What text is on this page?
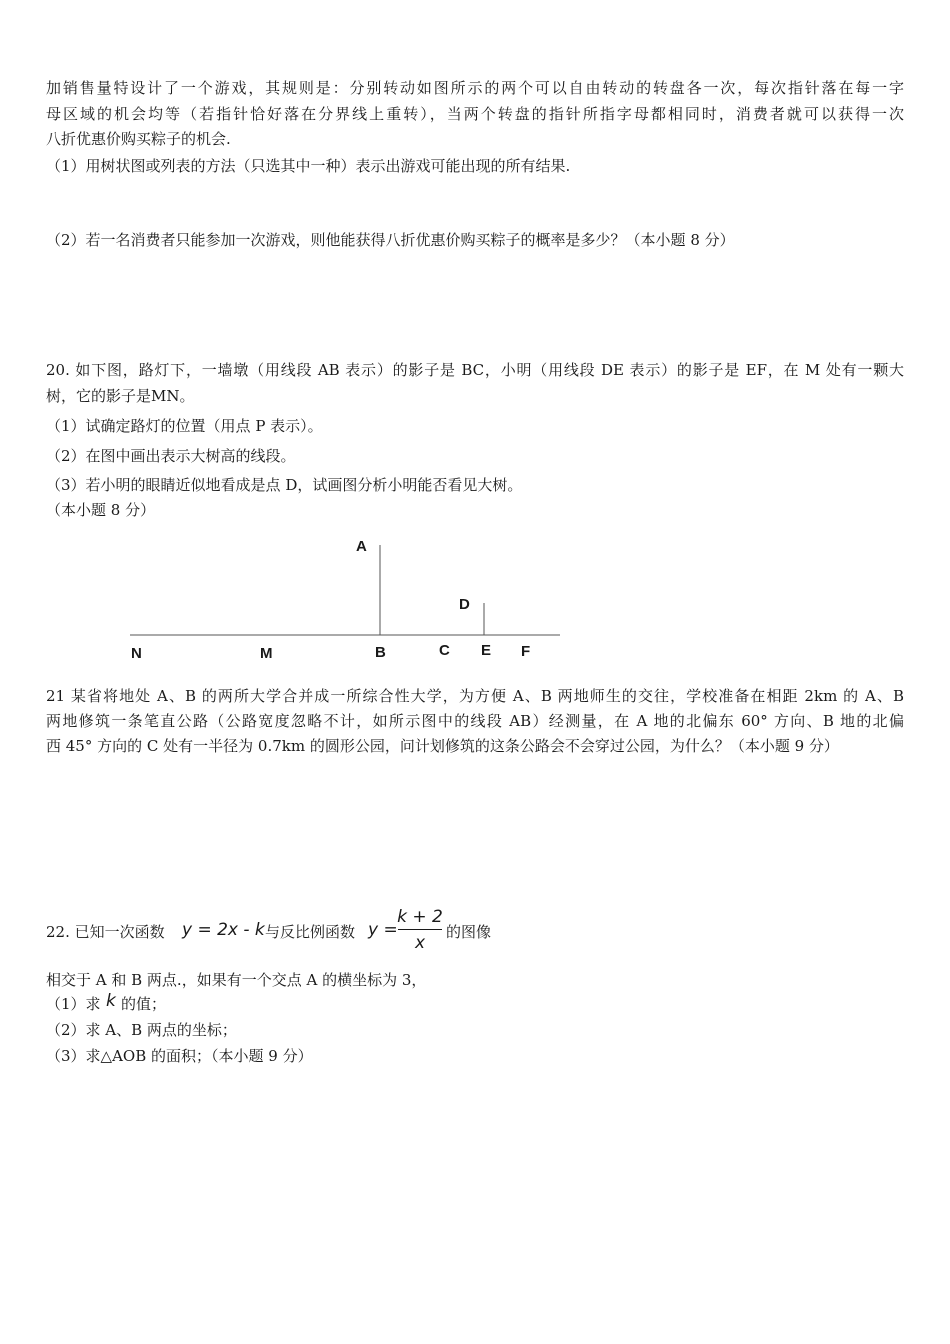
加销售量特设计了一个游戏，其规则是：分别转动如图所示的两个可以自由转动的转盘各一次，每次指针落在每一字
母区域的机会均等（若指针恰好落在分界线上重转），当两个转盘的指针所指字母都相同时，消费者就可以获得一次
八折优惠价购买粽子的机会.
（1）用树状图或列表的方法（只选其中一种）表示出游戏可能出现的所有结果.
（2）若一名消费者只能参加一次游戏，则他能获得八折优惠价购买粽子的概率是多少？（本小题 8 分）
20. 如下图，路灯下，一墙墩（用线段 AB 表示）的影子是 BC，小明（用线段 DE 表示）的影子是 EF，在 M 处有一颗大
树，它的影子是MN。
（1）试确定路灯的位置（用点 P 表示）。
（2）在图中画出表示大树高的线段。
（3）若小明的眼睛近似地看成是点 D，试画图分析小明能否看见大树。
（本小题 8 分）
A
D
N	M	B	C E F
21 某省将地处 A、B 的两所大学合并成一所综合性大学，为方便 A、B 两地师生的交往，学校准备在相距 2km 的 A、B
两地修筑一条笔直公路（公路宽度忽略不计，如所示图中的线段 AB）经测量，在 A 地的北偏东 60° 方向、B 地的北偏
西 45° 方向的 C 处有一半径为 0.7km 的圆形公园，问计划修筑的这条公路会不会穿过公园，为什么？（本小题 9 分）
22. 已知一次函数 y = 2x - k 与反比例函数 y =
k + 2
x
的图像
相交于 A 和 B 两点.，如果有一个交点 A 的横坐标为 3，
（1）求 k 的值；
（2）求 A、B 两点的坐标；
（3）求△AOB 的面积；（本小题 9 分）
